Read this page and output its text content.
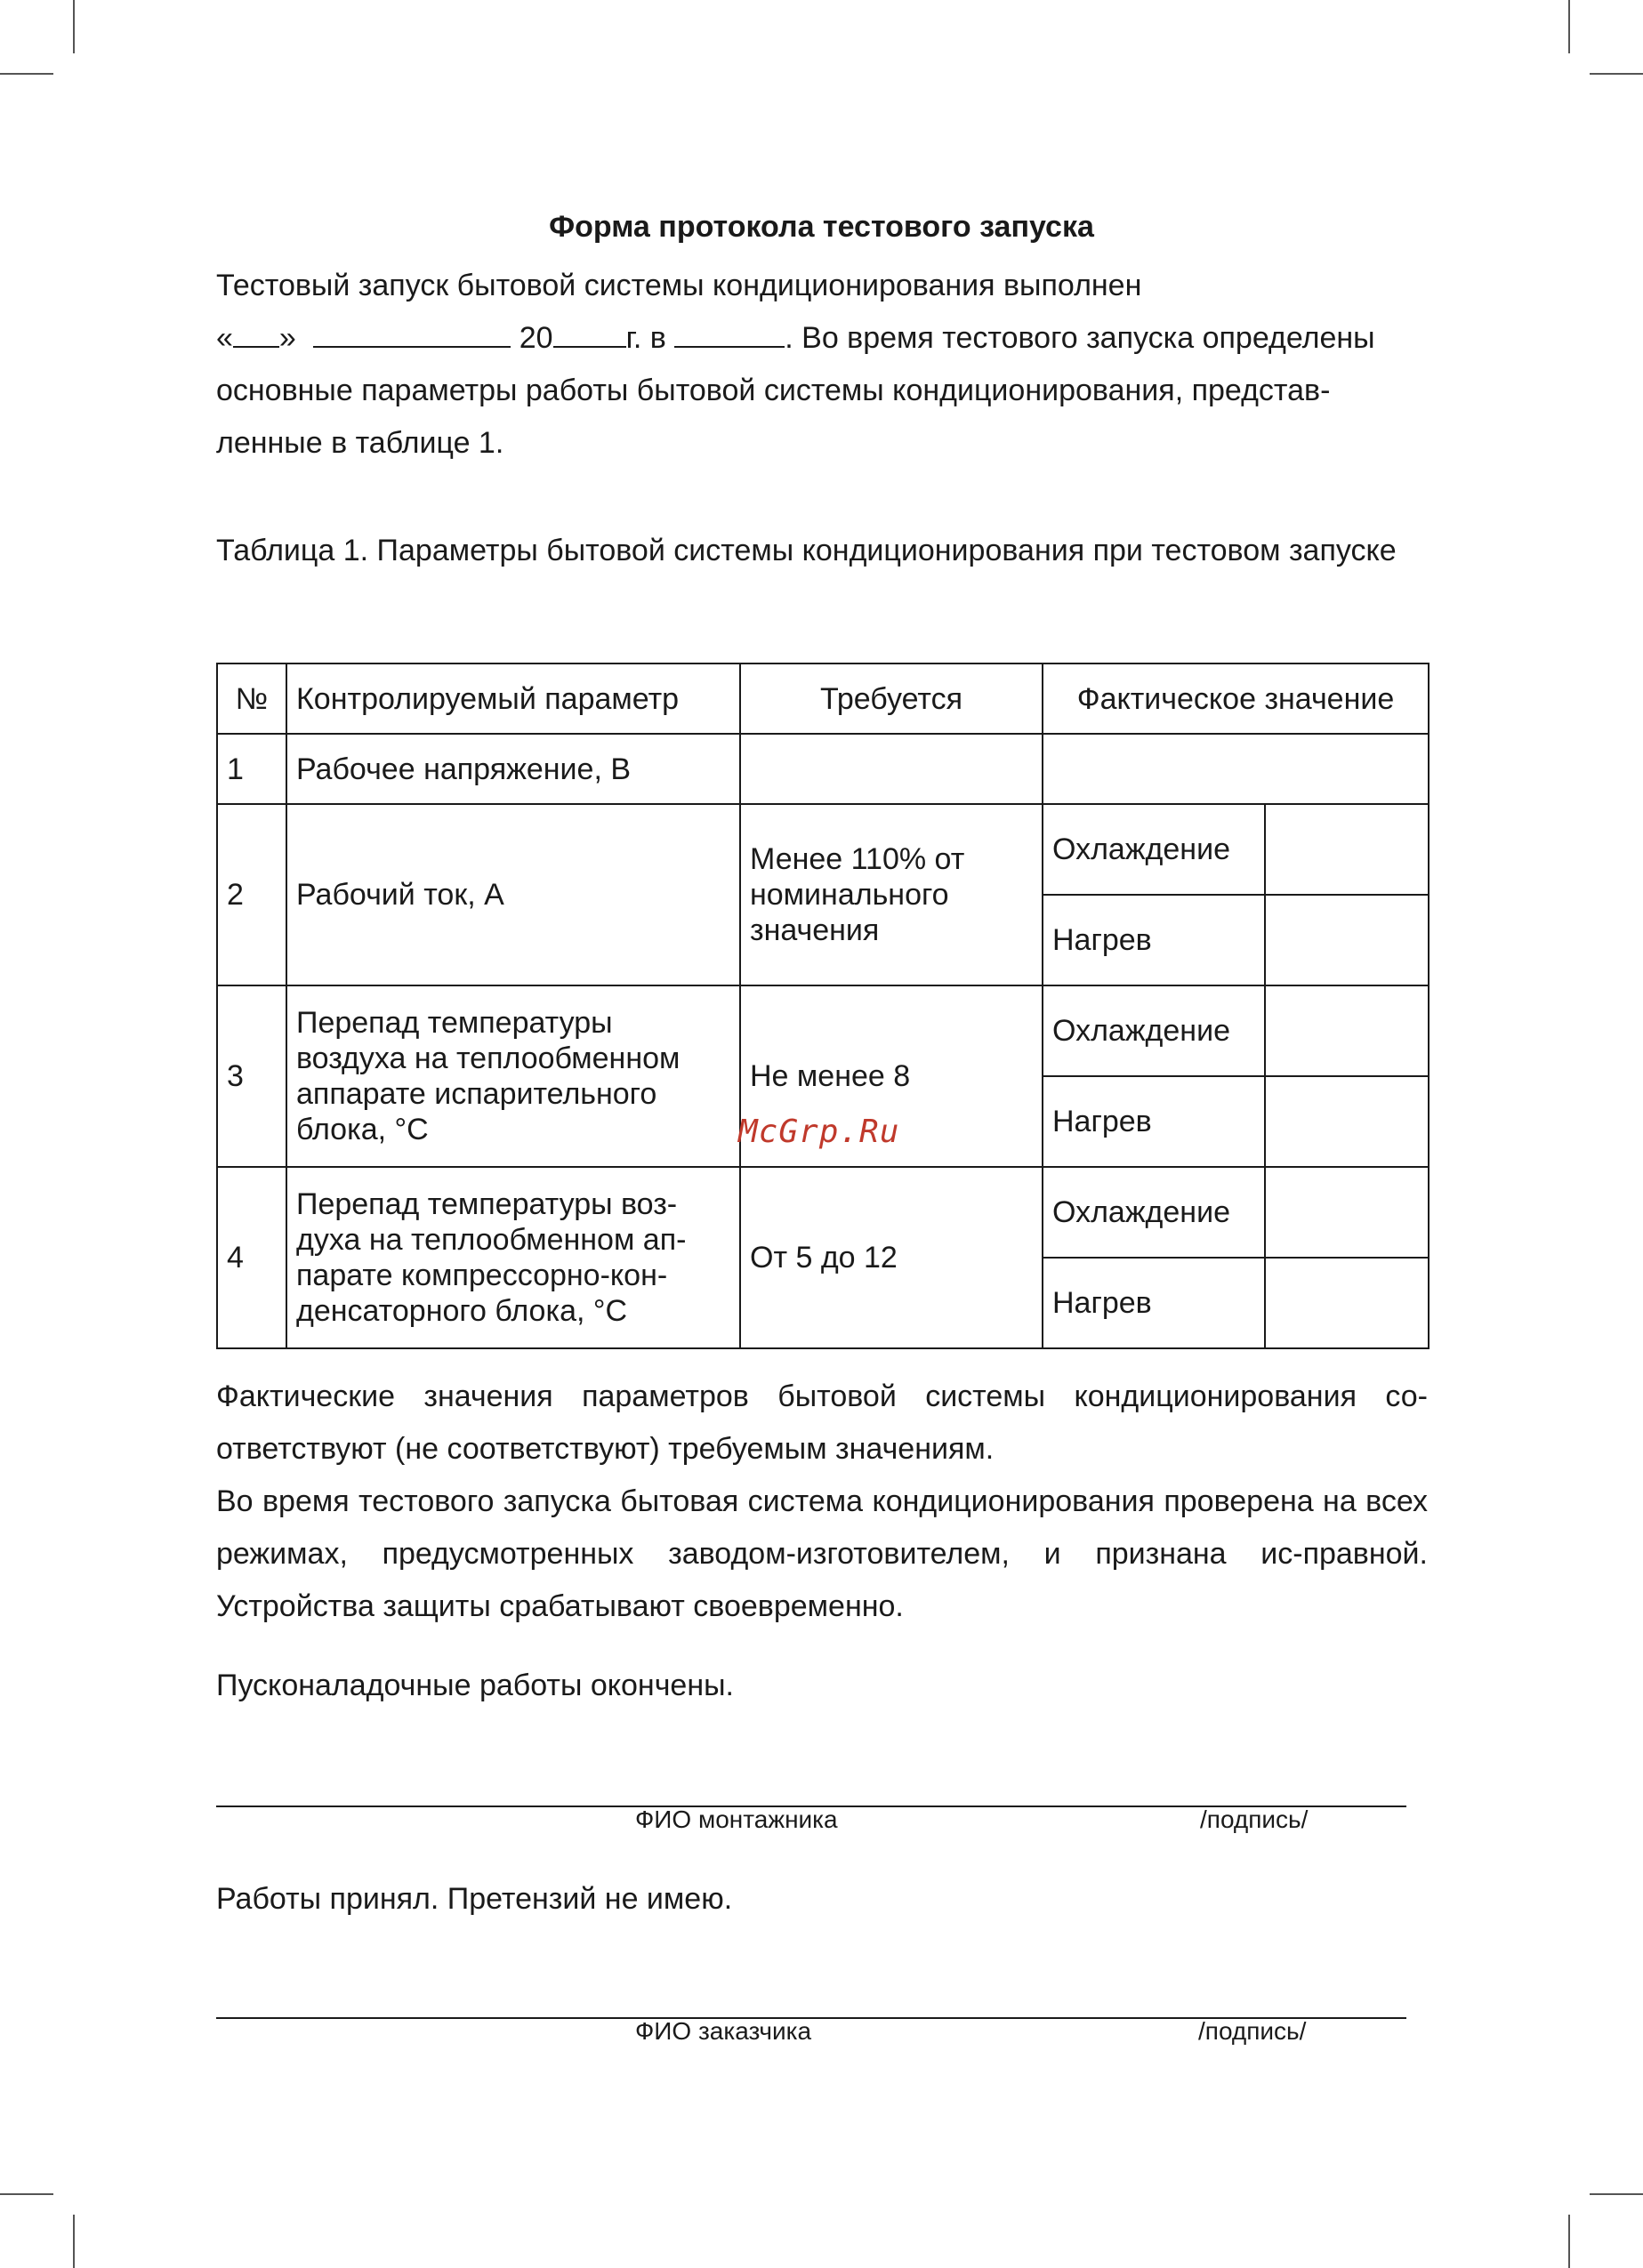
Форма протокола тестового запуска
Тестовый запуск бытовой системы кондиционирования выполнен
« »	20 г. в	. Во время тестового запуска определены
основные параметры работы бытовой системы кондиционирования, представ-
ленные в таблице 1.
Таблица 1. Параметры бытовой системы кондиционирования при тестовом запуске
№	Контролируемый параметр	Требуется	Фактическое значение	
1	Рабочее напряжение, В			
2	Рабочий ток, А	Менее 110% от номинального значения	Охлаждение	
			Нагрев	
3	Перепад температуры воздуха на теплообменном аппарате испарительного блока, °С	Не менее 8	Охлаждение	
			Нагрев	
4	Перепад температуры воз-духа на теплообменном ап-парате компрессорно-кон-денсаторного блока, °С	От 5 до 12	Охлаждение	
			Нагрев	
McGrp.Ru
Фактические значения параметров бытовой системы кондиционирования со-ответствуют (не соответствуют) требуемым значениям.
Во время тестового запуска бытовая система кондиционирования проверена на всех режимах, предусмотренных заводом-изготовителем, и признана ис-правной. Устройства защиты срабатывают своевременно.
Пусконаладочные работы окончены.
ФИО монтажника	/подпись/
Работы принял. Претензий не имею.
ФИО заказчика	/подпись/
